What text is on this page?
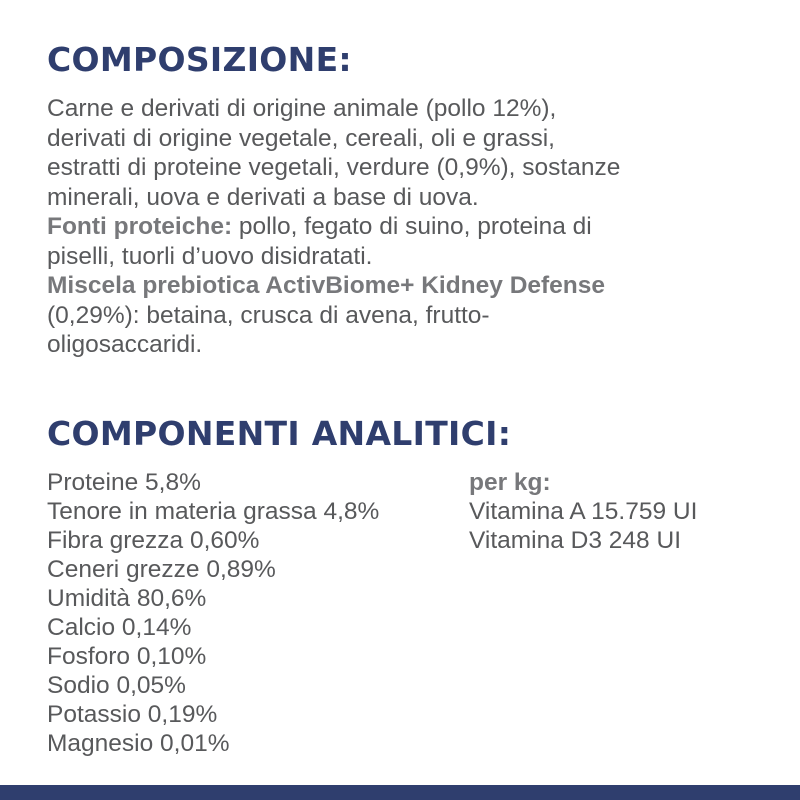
COMPOSIZIONE:
Carne e derivati di origine animale (pollo 12%),
derivati di origine vegetale, cereali, oli e grassi,
estratti di proteine vegetali, verdure (0,9%), sostanze
minerali, uova e derivati a base di uova.
Fonti proteiche: pollo, fegato di suino, proteina di
piselli, tuorli d’uovo disidratati.
Miscela prebiotica ActivBiome+ Kidney Defense
(0,29%): betaina, crusca di avena, frutto-
oligosaccaridi.
COMPONENTI ANALITICI:
Proteine 5,8%
Tenore in materia grassa 4,8%
Fibra grezza 0,60%
Ceneri grezze 0,89%
Umidità 80,6%
Calcio 0,14%
Fosforo 0,10%
Sodio 0,05%
Potassio 0,19%
Magnesio 0,01%
per kg:
Vitamina A 15.759 UI
Vitamina D3 248 UI
